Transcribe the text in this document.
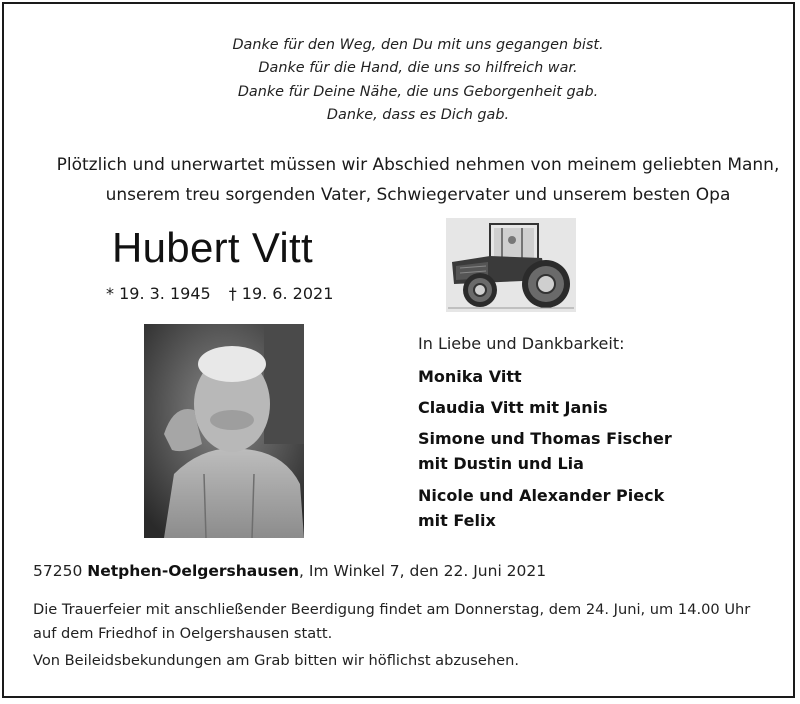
Danke für den Weg, den Du mit uns gegangen bist.
Danke für die Hand, die uns so hilfreich war.
Danke für Deine Nähe, die uns Geborgenheit gab.
Danke, dass es Dich gab.
Plötzlich und unerwartet müssen wir Abschied nehmen von meinem geliebten Mann,
unserem treu sorgenden Vater, Schwiegervater und unserem besten Opa
Hubert Vitt
* 19. 3. 1945 † 19. 6. 2021
In Liebe und Dankbarkeit:
Monika Vitt
Claudia Vitt mit Janis
Simone und Thomas Fischer
mit Dustin und Lia
Nicole und Alexander Pieck
mit Felix
57250 Netphen-Oelgershausen, Im Winkel 7, den 22. Juni 2021
Die Trauerfeier mit anschließender Beerdigung findet am Donnerstag, dem 24. Juni, um 14.00 Uhr
auf dem Friedhof in Oelgershausen statt.
Von Beileidsbekundungen am Grab bitten wir höflichst abzusehen.
